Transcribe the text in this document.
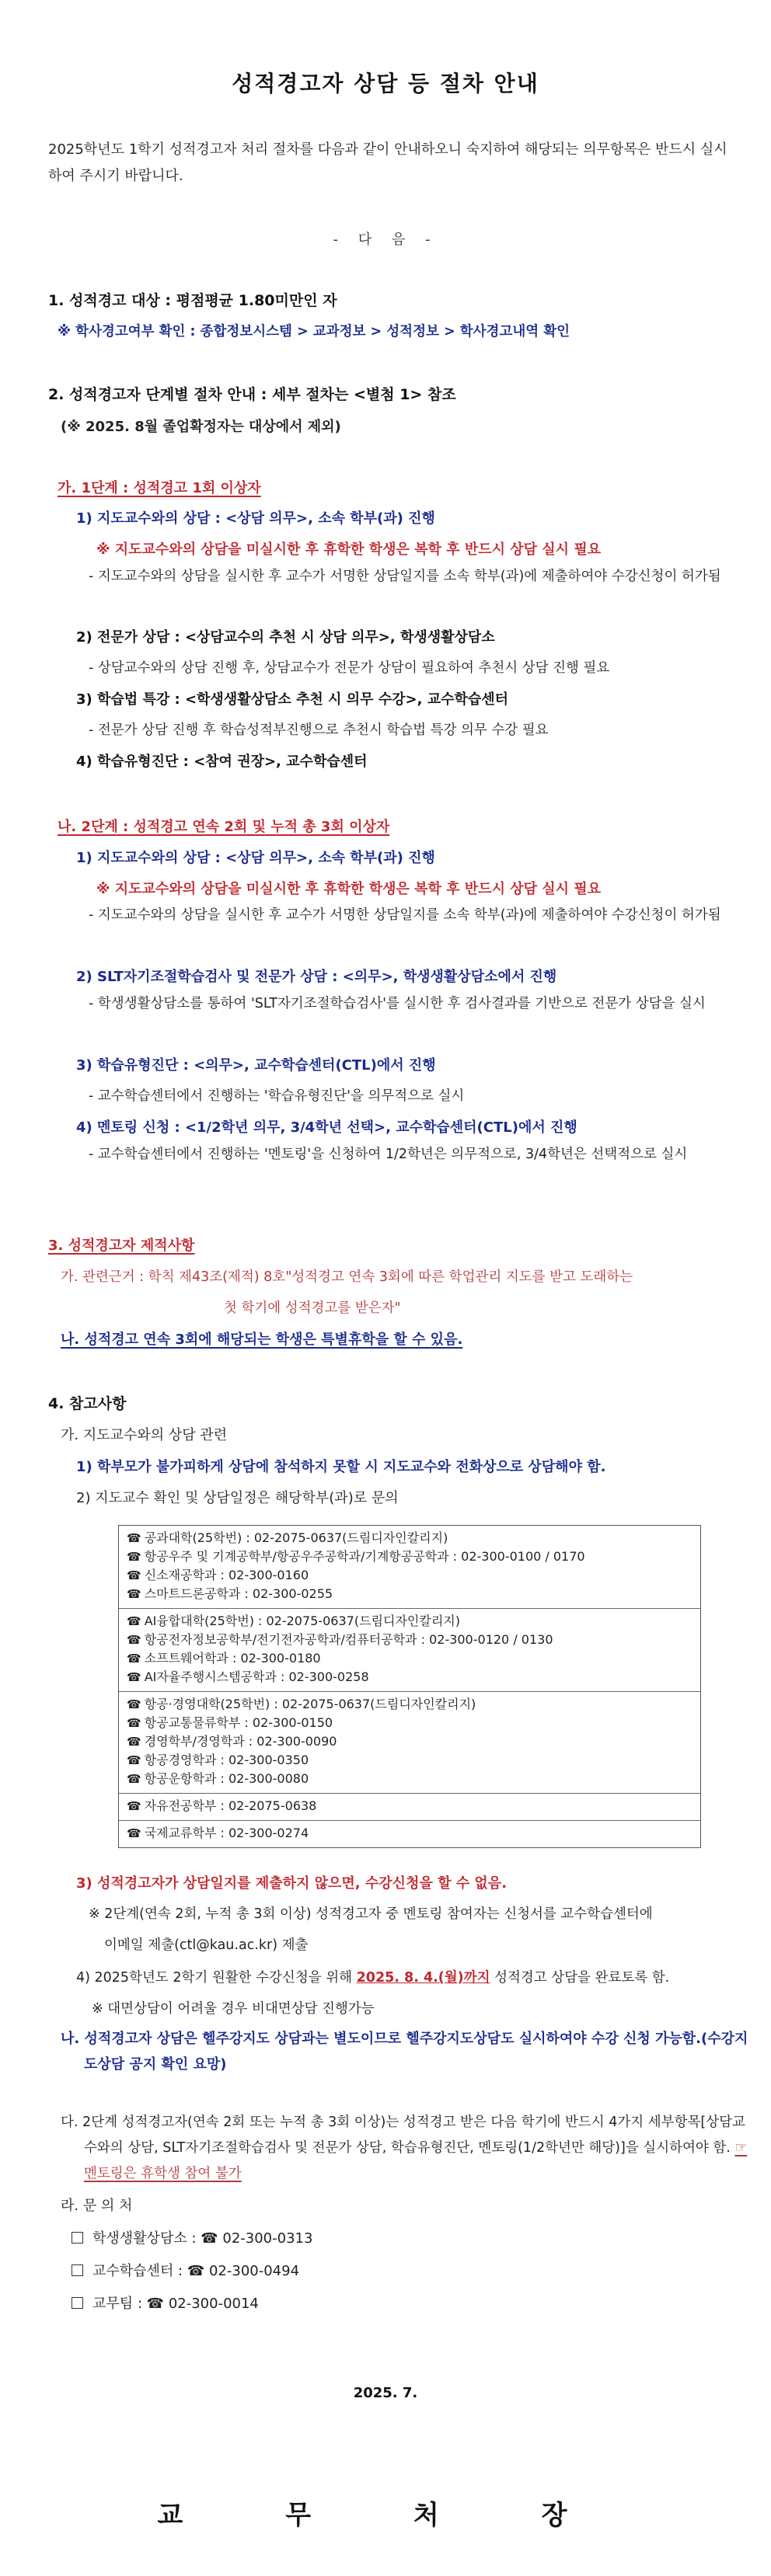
성적경고자 상담 등 절차 안내
2025학년도 1학기 성적경고자 처리 절차를 다음과 같이 안내하오니 숙지하여 해당되는 의무항목은 반드시 실시하여 주시기 바랍니다.
- 다 음 -
1. 성적경고 대상 : 평점평균 1.80미만인 자
※ 학사경고여부 확인 : 종합정보시스템 > 교과정보 > 성적정보 > 학사경고내역 확인
2. 성적경고자 단계별 절차 안내 : 세부 절차는 <별첨 1> 참조
(※ 2025. 8월 졸업확정자는 대상에서 제외)
가. 1단계 : 성적경고 1회 이상자
1) 지도교수와의 상담 : <상담 의무>, 소속 학부(과) 진행
※ 지도교수와의 상담을 미실시한 후 휴학한 학생은 복학 후 반드시 상담 실시 필요
- 지도교수와의 상담을 실시한 후 교수가 서명한 상담일지를 소속 학부(과)에 제출하여야 수강신청이 허가됨
2) 전문가 상담 : <상담교수의 추천 시 상담 의무>, 학생생활상담소
- 상담교수와의 상담 진행 후, 상담교수가 전문가 상담이 필요하여 추천시 상담 진행 필요
3) 학습법 특강 : <학생생활상담소 추천 시 의무 수강>, 교수학습센터
- 전문가 상담 진행 후 학습성적부진행으로 추천시 학습법 특강 의무 수강 필요
4) 학습유형진단 : <참여 권장>, 교수학습센터
나. 2단계 : 성적경고 연속 2회 및 누적 총 3회 이상자
1) 지도교수와의 상담 : <상담 의무>, 소속 학부(과) 진행
※ 지도교수와의 상담을 미실시한 후 휴학한 학생은 복학 후 반드시 상담 실시 필요
- 지도교수와의 상담을 실시한 후 교수가 서명한 상담일지를 소속 학부(과)에 제출하여야 수강신청이 허가됨
2) SLT자기조절학습검사 및 전문가 상담 : <의무>, 학생생활상담소에서 진행
- 학생생활상담소를 통하여 'SLT자기조절학습검사'를 실시한 후 검사결과를 기반으로 전문가 상담을 실시
3) 학습유형진단 : <의무>, 교수학습센터(CTL)에서 진행
- 교수학습센터에서 진행하는 '학습유형진단'을 의무적으로 실시
4) 멘토링 신청 : <1/2학년 의무, 3/4학년 선택>, 교수학습센터(CTL)에서 진행
- 교수학습센터에서 진행하는 '멘토링'을 신청하여 1/2학년은 의무적으로, 3/4학년은 선택적으로 실시
3. 성적경고자 제적사항
가. 관련근거 : 학칙 제43조(제적) 8호"성적경고 연속 3회에 따른 학업관리 지도를 받고 도래하는
첫 학기에 성적경고를 받은자"
나. 성적경고 연속 3회에 해당되는 학생은 특별휴학을 할 수 있음.
4. 참고사항
가. 지도교수와의 상담 관련
1) 학부모가 불가피하게 상담에 참석하지 못할 시 지도교수와 전화상으로 상담해야 함.
2) 지도교수 확인 및 상담일정은 해당학부(과)로 문의
☎ 공과대학(25학번) : 02-2075-0637(드림디자인칼리지)
☎ 항공우주 및 기계공학부/항공우주공학과/기계항공공학과 : 02-300-0100 / 0170
☎ 신소재공학과 : 02-300-0160
☎ 스마트드론공학과 : 02-300-0255
☎ AI융합대학(25학번) : 02-2075-0637(드림디자인칼리지)
☎ 항공전자정보공학부/전기전자공학과/컴퓨터공학과 : 02-300-0120 / 0130
☎ 소프트웨어학과 : 02-300-0180
☎ AI자율주행시스템공학과 : 02-300-0258
☎ 항공·경영대학(25학번) : 02-2075-0637(드림디자인칼리지)
☎ 항공교통물류학부 : 02-300-0150
☎ 경영학부/경영학과 : 02-300-0090
☎ 항공경영학과 : 02-300-0350
☎ 항공운항학과 : 02-300-0080
☎ 자유전공학부 : 02-2075-0638
☎ 국제교류학부 : 02-300-0274
3) 성적경고자가 상담일지를 제출하지 않으면, 수강신청을 할 수 없음.
※ 2단계(연속 2회, 누적 총 3회 이상) 성적경고자 중 멘토링 참여자는 신청서를 교수학습센터에
이메일 제출(ctl@kau.ac.kr) 제출
4) 2025학년도 2학기 원활한 수강신청을 위해 2025. 8. 4.(월)까지 성적경고 상담을 완료토록 함.
※ 대면상담이 어려울 경우 비대면상담 진행가능
나. 성적경고자 상담은 헬주강지도 상담과는 별도이므로 헬주강지도상담도 실시하여야 수강 신청 가능함.(수강지도상담 공지 확인 요망)
다. 2단계 성적경고자(연속 2회 또는 누적 총 3회 이상)는 성적경고 받은 다음 학기에 반드시 4가지 세부항목[상담교수와의 상담, SLT자기조절학습검사 및 전문가 상담, 학습유형진단, 멘토링(1/2학년만 해당)]을 실시하여야 함. ☞ 멘토링은 휴학생 참여 불가
라. 문 의 처
학생생활상담소 : ☎ 02-300-0313
교수학습센터 : ☎ 02-300-0494
교무팀 : ☎ 02-300-0014
2025. 7.
교 무 처 장
